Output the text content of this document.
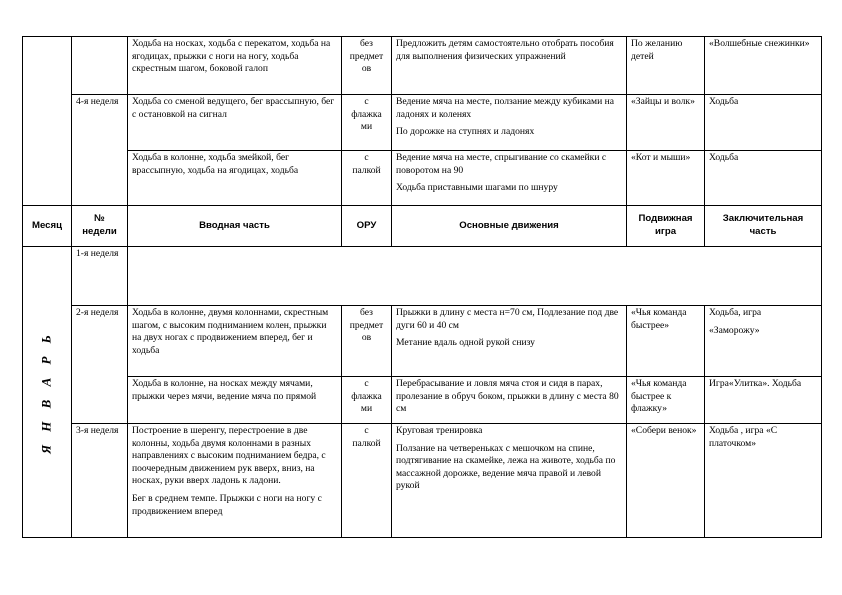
		Ходьба на носках, ходьба с перекатом, ходьба на ягодицах, прыжки с ноги на ногу, ходьба скрестным шагом, боковой галоп	без
предмет
ов	Предложить детям самостоятельно отобрать пособия для выполнения физических упражнений	По желанию детей	«Волшебные снежинки»
	4-я неделя	Ходьба со сменой ведущего, бег врассыпную, бег с остановкой на сигнал	с
флажка
ми	Ведение мяча на месте, ползание между кубиками на ладонях и коленях
По дорожке на ступнях и ладонях	«Зайцы и волк»	Ходьба
		Ходьба в колонне, ходьба змейкой, бег врассыпную, ходьба на ягодицах, ходьба	с
палкой	Ведение мяча на месте, спрыгивание со скамейки с поворотом на 90
Ходьба приставными шагами по шнуру	«Кот и мыши»	Ходьба
Месяц	№
недели	Вводная часть	ОРУ	Основные движения	Подвижная
игра	Заключительная
часть

Я Н В А Р Ь	1-я неделя					
	2-я неделя	Ходьба в колонне, двумя колоннами, скрестным шагом, с высоким подниманием колен, прыжки на двух ногах с продвижением вперед, бег и ходьба	без
предмет
ов	Прыжки в длину с места н=70 см, Подлезание под две дуги 60 и 40 см
Метание вдаль одной рукой снизу	«Чья команда быстрее»	Ходьба, игра
«Заморожу»

		Ходьба в колонне, на носках между мячами, прыжки через мячи, ведение мяча по прямой	с
флажка
ми	Перебрасывание и ловля мяча стоя и сидя в парах, пролезание в обруч боком, прыжки в длину с места 80 см	«Чья команда быстрее к флажку»	Игра«Улитка». Ходьба
	3-я неделя	Построение в шеренгу, перестроение в две колонны, ходьба двумя колоннами в разных направлениях с высоким подниманием бедра, с поочередным движением рук вверх, вниз, на носках, руки вверх ладонь к ладони.
Бег в среднем темпе. Прыжки с ноги на ногу с продвижением вперед	с
палкой	Круговая тренировка
Ползание на четвереньках с мешочком на спине, подтягивание на скамейке, лежа на животе, ходьба по массажной дорожке, ведение мяча правой и левой рукой	«Собери венок»	Ходьба , игра «С платочком»
